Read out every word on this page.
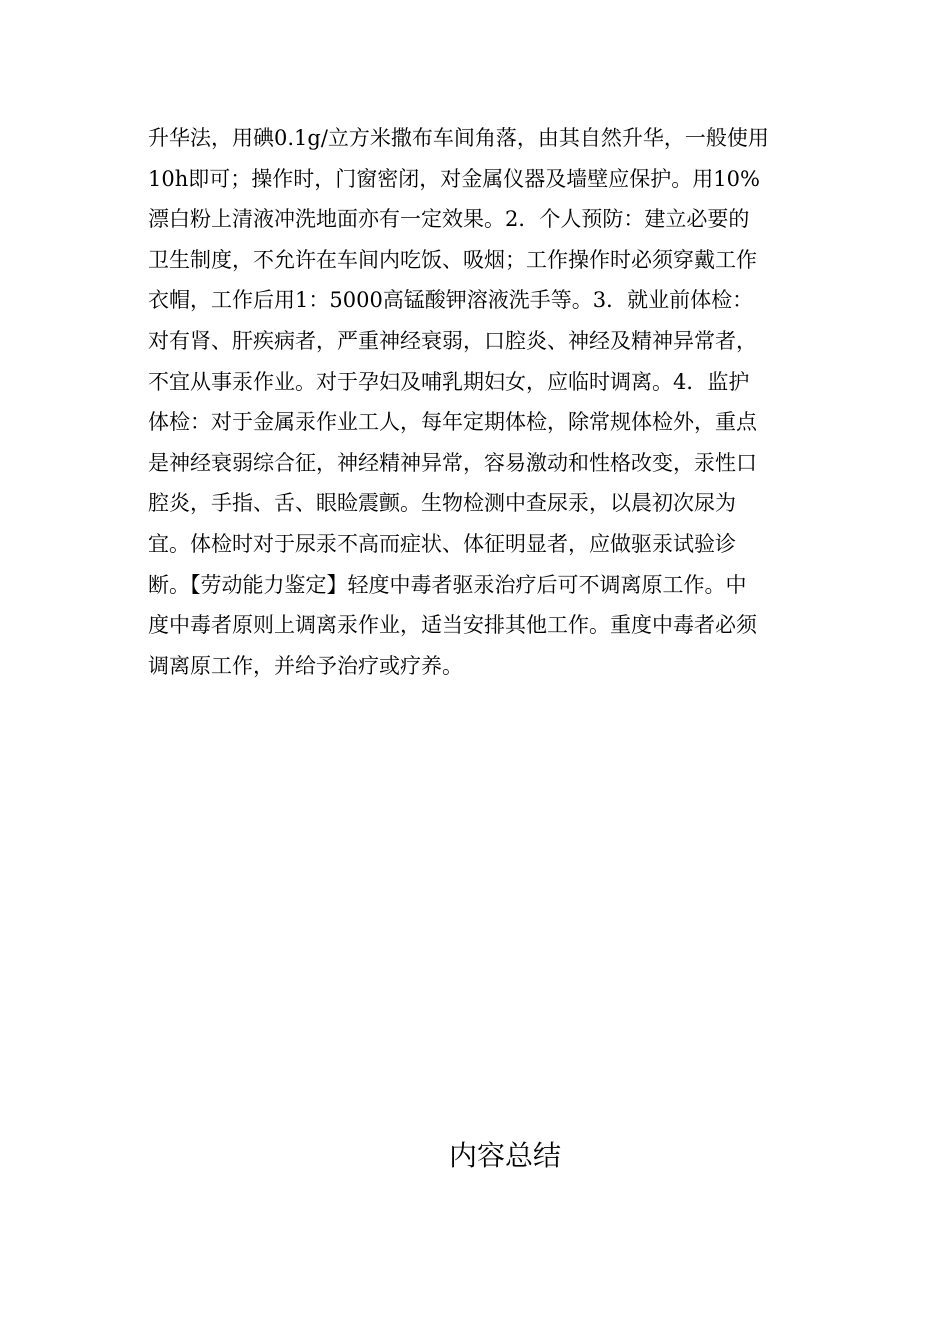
升华法，用碘0.1g/立方米撒布车间角落，由其自然升华，一般使用
10h即可；操作时，门窗密闭，对金属仪器及墙壁应保护。用10%
漂白粉上清液冲洗地面亦有一定效果。2．个人预防：建立必要的
卫生制度，不允许在车间内吃饭、吸烟；工作操作时必须穿戴工作
衣帽，工作后用1：5000高锰酸钾溶液洗手等。3．就业前体检：
对有肾、肝疾病者，严重神经衰弱，口腔炎、神经及精神异常者，
不宜从事汞作业。对于孕妇及哺乳期妇女，应临时调离。4．监护
体检：对于金属汞作业工人，每年定期体检，除常规体检外，重点
是神经衰弱综合征，神经精神异常，容易激动和性格改变，汞性口
腔炎，手指、舌、眼睑震颤。生物检测中查尿汞，以晨初次尿为
宜。体检时对于尿汞不高而症状、体征明显者，应做驱汞试验诊
断。【劳动能力鉴定】轻度中毒者驱汞治疗后可不调离原工作。中
度中毒者原则上调离汞作业，适当安排其他工作。重度中毒者必须
调离原工作，并给予治疗或疗养。

内容总结
